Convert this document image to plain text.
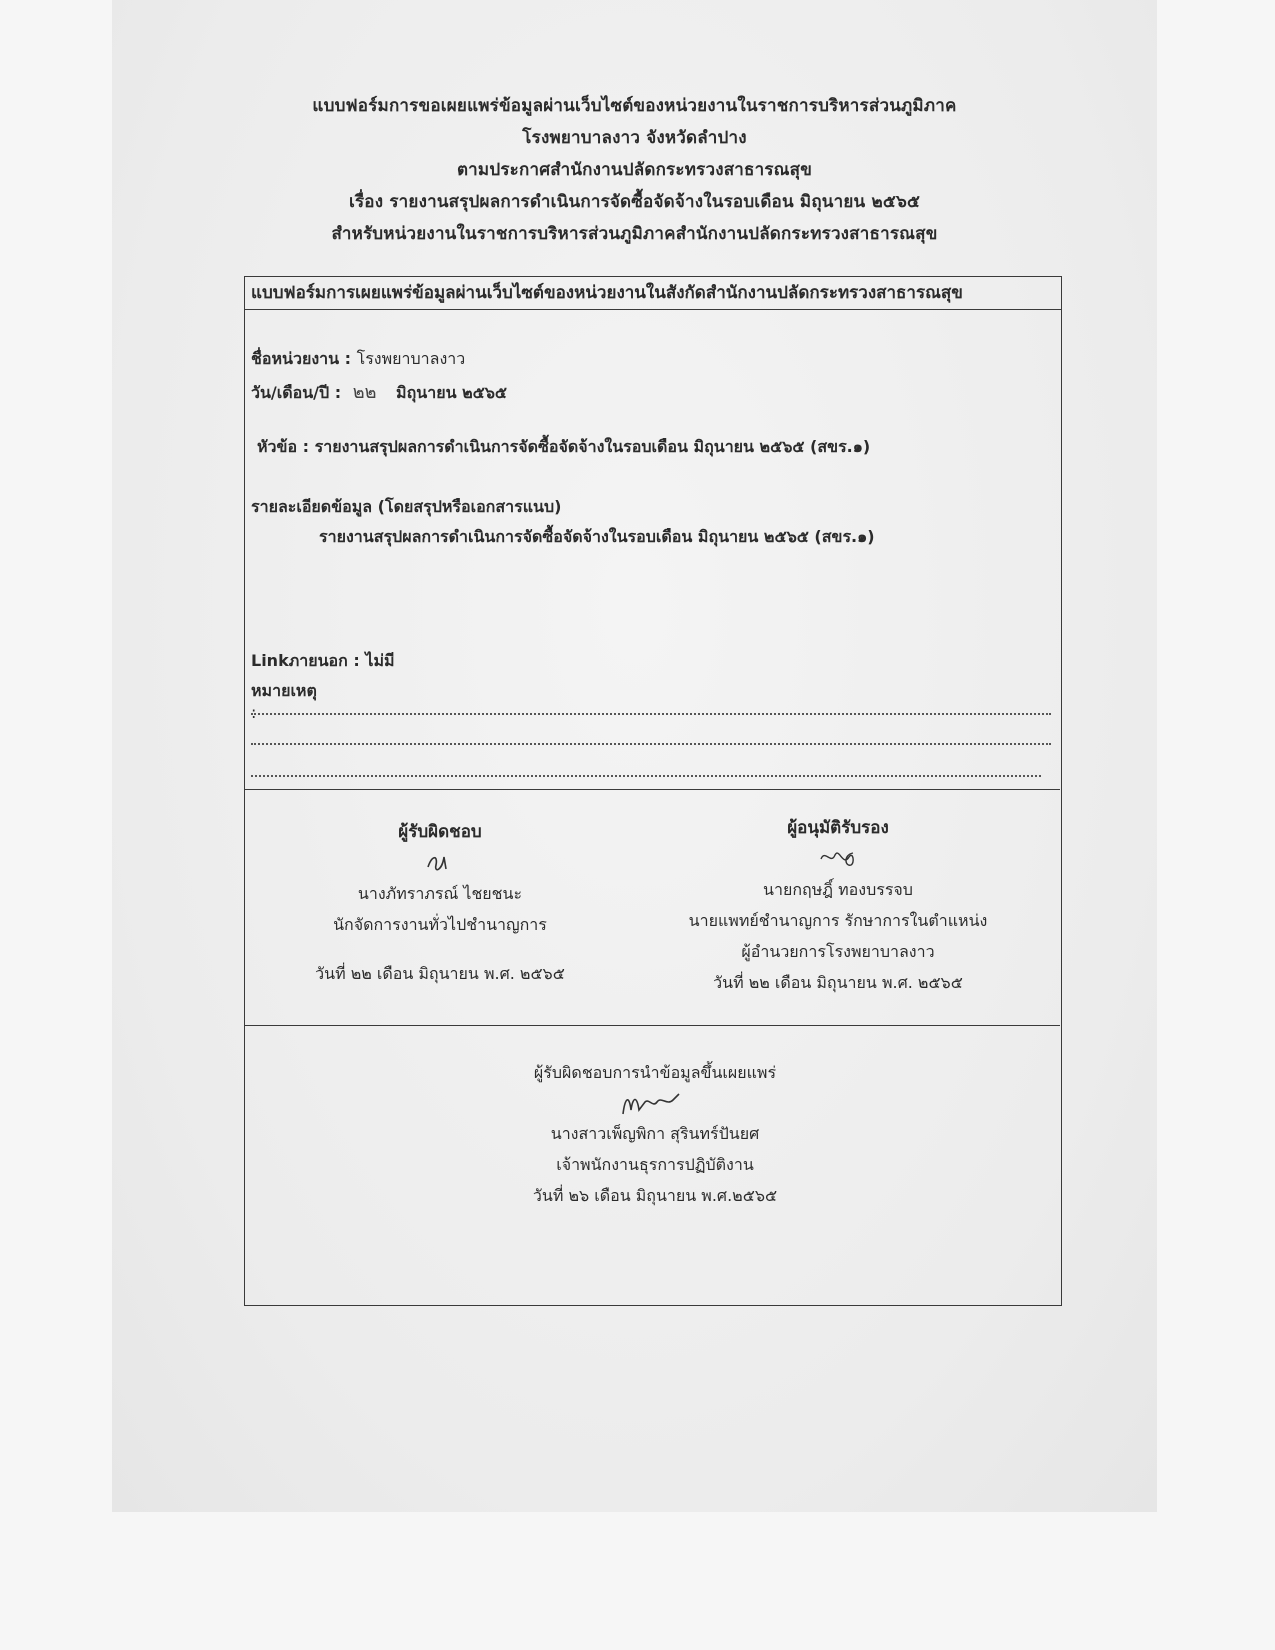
แบบฟอร์มการขอเผยแพร่ข้อมูลผ่านเว็บไซต์ของหน่วยงานในราชการบริหารส่วนภูมิภาค
โรงพยาบาลงาว จังหวัดลำปาง
ตามประกาศสำนักงานปลัดกระทรวงสาธารณสุข
เรื่อง รายงานสรุปผลการดำเนินการจัดซื้อจัดจ้างในรอบเดือน มิถุนายน ๒๕๖๕
สำหรับหน่วยงานในราชการบริหารส่วนภูมิภาคสำนักงานปลัดกระทรวงสาธารณสุข
แบบฟอร์มการเผยแพร่ข้อมูลผ่านเว็บไซต์ของหน่วยงานในสังกัดสำนักงานปลัดกระทรวงสาธารณสุข
ชื่อหน่วยงาน : โรงพยาบาลงาว
วัน/เดือน/ปี : ๒๒ มิถุนายน ๒๕๖๕
หัวข้อ : รายงานสรุปผลการดำเนินการจัดซื้อจัดจ้างในรอบเดือน มิถุนายน ๒๕๖๕ (สขร.๑)
รายละเอียดข้อมูล (โดยสรุปหรือเอกสารแนบ)
รายงานสรุปผลการดำเนินการจัดซื้อจัดจ้างในรอบเดือน มิถุนายน ๒๕๖๕ (สขร.๑)
Linkภายนอก : ไม่มี
หมายเหตุ
:
ผู้รับผิดชอบ
นางภัทราภรณ์ ไชยชนะ
นักจัดการงานทั่วไปชำนาญการ
วันที่ ๒๒ เดือน มิถุนายน พ.ศ. ๒๕๖๕
ผู้อนุมัติรับรอง
นายกฤษฎิ์ ทองบรรจบ
นายแพทย์ชำนาญการ รักษาการในตำแหน่ง
ผู้อำนวยการโรงพยาบาลงาว
วันที่ ๒๒ เดือน มิถุนายน พ.ศ. ๒๕๖๕
ผู้รับผิดชอบการนำข้อมูลขึ้นเผยแพร่
นางสาวเพ็ญพิกา สุรินทร์ปันยศ
เจ้าพนักงานธุรการปฏิบัติงาน
วันที่ ๒๖ เดือน มิถุนายน พ.ศ.๒๕๖๕
